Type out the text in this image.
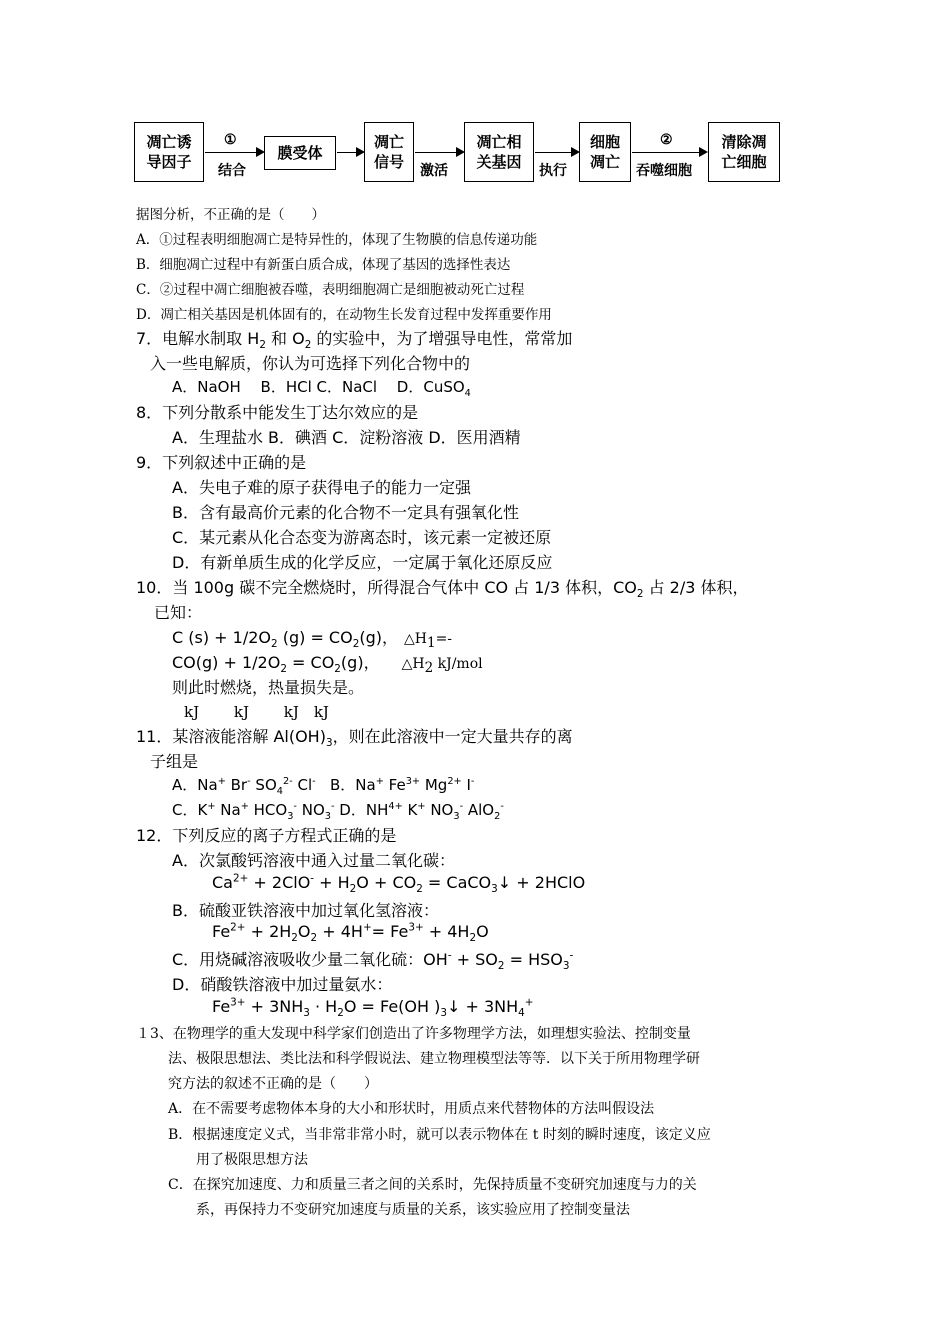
凋亡诱
导因子
①
结合
膜受体
凋亡
信号 激活
凋亡相
关基因 执行
细胞
凋亡
②
吞噬细胞
清除凋
亡细胞
据图分析，不正确的是（　　）
A．①过程表明细胞凋亡是特异性的，体现了生物膜的信息传递功能
B．细胞凋亡过程中有新蛋白质合成，体现了基因的选择性表达
C．②过程中凋亡细胞被吞噬，表明细胞凋亡是细胞被动死亡过程
D．凋亡相关基因是机体固有的，在动物生长发育过程中发挥重要作用
7．电解水制取 $H_2$ 和 $O_2$ 的实验中，为了增强导电性，常常加
入一些电解质，你认为可选择下列化合物中的
A．NaOH　 B．HCl C．NaCl　 D．CuSO$_4$
8．下列分散系中能发生丁达尔效应的是
A．生理盐水 B．碘酒 C．淀粉溶液 D．医用酒精
9．下列叙述中正确的是
A．失电子难的原子获得电子的能力一定强
B．含有最高价元素的化合物不一定具有强氧化性
C．某元素从化合态变为游离态时，该元素一定被还原
D．有新单质生成的化学反应，一定属于氧化还原反应
10．当 100g 碳不完全燃烧时，所得混合气体中 CO 占 1/3 体积，$CO_2$ 占 2/3 体积，
已知：
C $(s) + 1/2O_2$ $(g) = CO_2(g)$， $\triangle H_1=-$
$CO(g) + 1/2O_2 = CO_2(g)$， $\triangle H_2$ kJ/mol
则此时燃烧，热量损失是。
kJ　　 kJ　　 kJ　kJ
11．某溶液能溶解 $Al(OH)_3$，则在此溶液中一定大量共存的离
子组是
A．Na+ Br- $SO_4^{2-}$ Cl- B．Na+ $Fe^{3+}$ $Mg^{2+}$ I-
C．K+ Na+ $HCO_3^-$ $NO_3^-$ D．$NH^{4+}$ K+ $NO_3^-$ AlO$_2$-
12．下列反应的离子方程式正确的是
A．次氯酸钙溶液中通入过量二氧化碳：
$Ca^{2+} + 2ClO^- + H_2O + CO_2$ = CaCO$_3$↓ + 2HClO
B．硫酸亚铁溶液中加过氧化氢溶液：
$Fe^{2+} + 2H_2O_2 + 4H^+= Fe^{3+} + 4H_2O$
C．用烧碱溶液吸收少量二氧化硫：$OH^- + SO_2 = HSO_3^-$
D．硝酸铁溶液中加过量氨水：
$Fe^{3+} + 3NH_3 \cdot H_2O = Fe(OH$ )$_3↓ + 3NH_4^+$
１3、在物理学的重大发现中科学家们创造出了许多物理学方法，如理想实验法、控制变量
法、极限思想法、类比法和科学假说法、建立物理模型法等等．以下关于所用物理学研
究方法的叙述不正确的是（　　）
A．在不需要考虑物体本身的大小和形状时，用质点来代替物体的方法叫假设法
B．根据速度定义式，当非常非常小时，就可以表示物体在 t 时刻的瞬时速度，该定义应
用了极限思想方法
C．在探究加速度、力和质量三者之间的关系时，先保持质量不变研究加速度与力的关
系，再保持力不变研究加速度与质量的关系，该实验应用了控制变量法
